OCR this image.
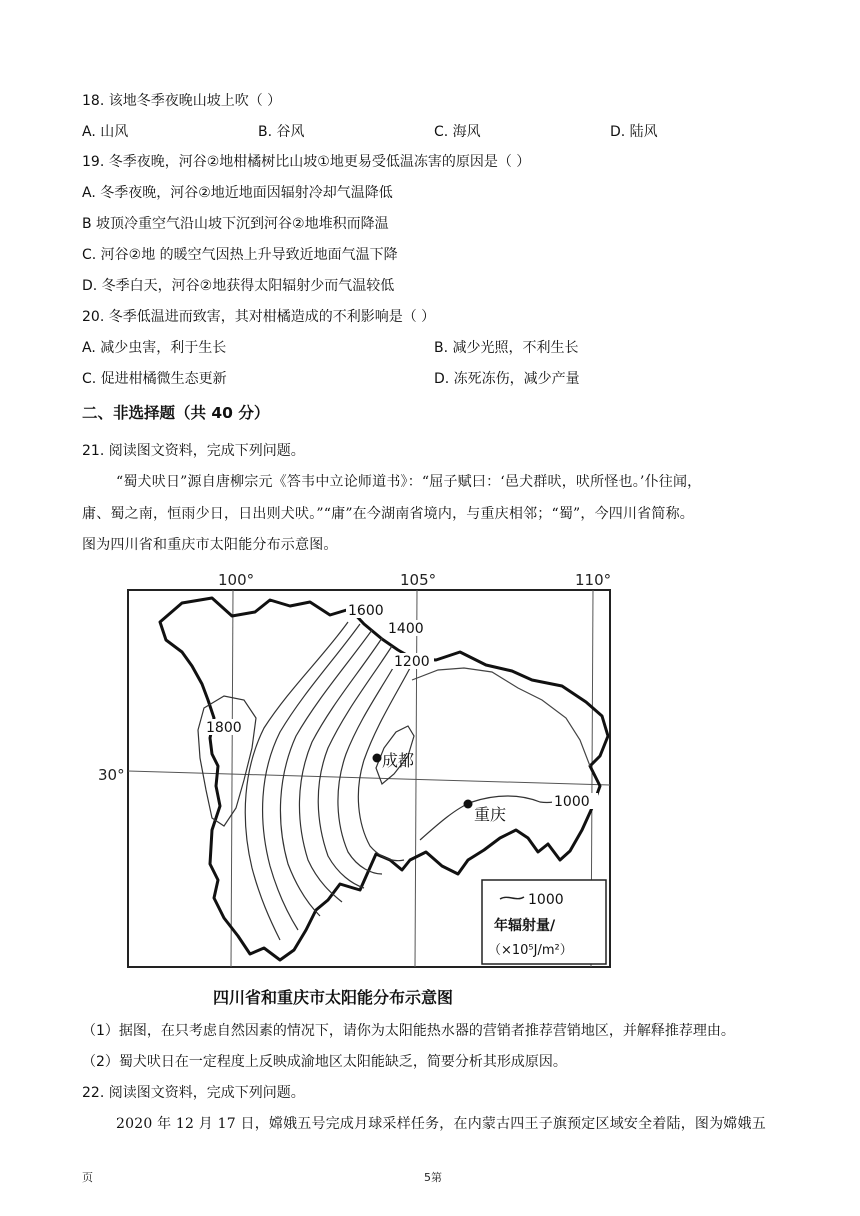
18. 该地冬季夜晚山坡上吹（ ）
A. 山风	B. 谷风	C. 海风	D. 陆风
19. 冬季夜晚，河谷②地柑橘树比山坡①地更易受低温冻害的原因是（ ）
A. 冬季夜晚，河谷②地近地面因辐射冷却气温降低
B 坡顶冷重空气沿山坡下沉到河谷②地堆积而降温
C. 河谷②地 的暖空气因热上升导致近地面气温下降
D. 冬季白天，河谷②地获得太阳辐射少而气温较低
20. 冬季低温进而致害，其对柑橘造成的不利影响是（ ）
A. 减少虫害，利于生长	B. 减少光照，不利生长
C. 促进柑橘微生态更新	D. 冻死冻伤，减少产量
二、非选择题（共 40 分）
21. 阅读图文资料，完成下列问题。
“蜀犬吠日”源自唐柳宗元《答韦中立论师道书》：“屈子赋曰：‘邑犬群吠，吠所怪也。’仆往闻，
庸、蜀之南，恒雨少日，日出则犬吠。”“庸”在今湖南省境内，与重庆相邻；“蜀”，今四川省简称。
图为四川省和重庆市太阳能分布示意图。
100°	105°	110°
30°
1600
1400
1200
1800
1000
成都
重庆
1000
年辐射量/
（×10⁵J/m²）
四川省和重庆市太阳能分布示意图
（1）据图，在只考虑自然因素的情况下，请你为太阳能热水器的营销者推荐营销地区，并解释推荐理由。
（2）蜀犬吠日在一定程度上反映成渝地区太阳能缺乏，简要分析其形成原因。
22. 阅读图文资料，完成下列问题。
2020 年 12 月 17 日，嫦娥五号完成月球采样任务，在内蒙古四王子旗预定区域安全着陆，图为嫦娥五
页	5第
